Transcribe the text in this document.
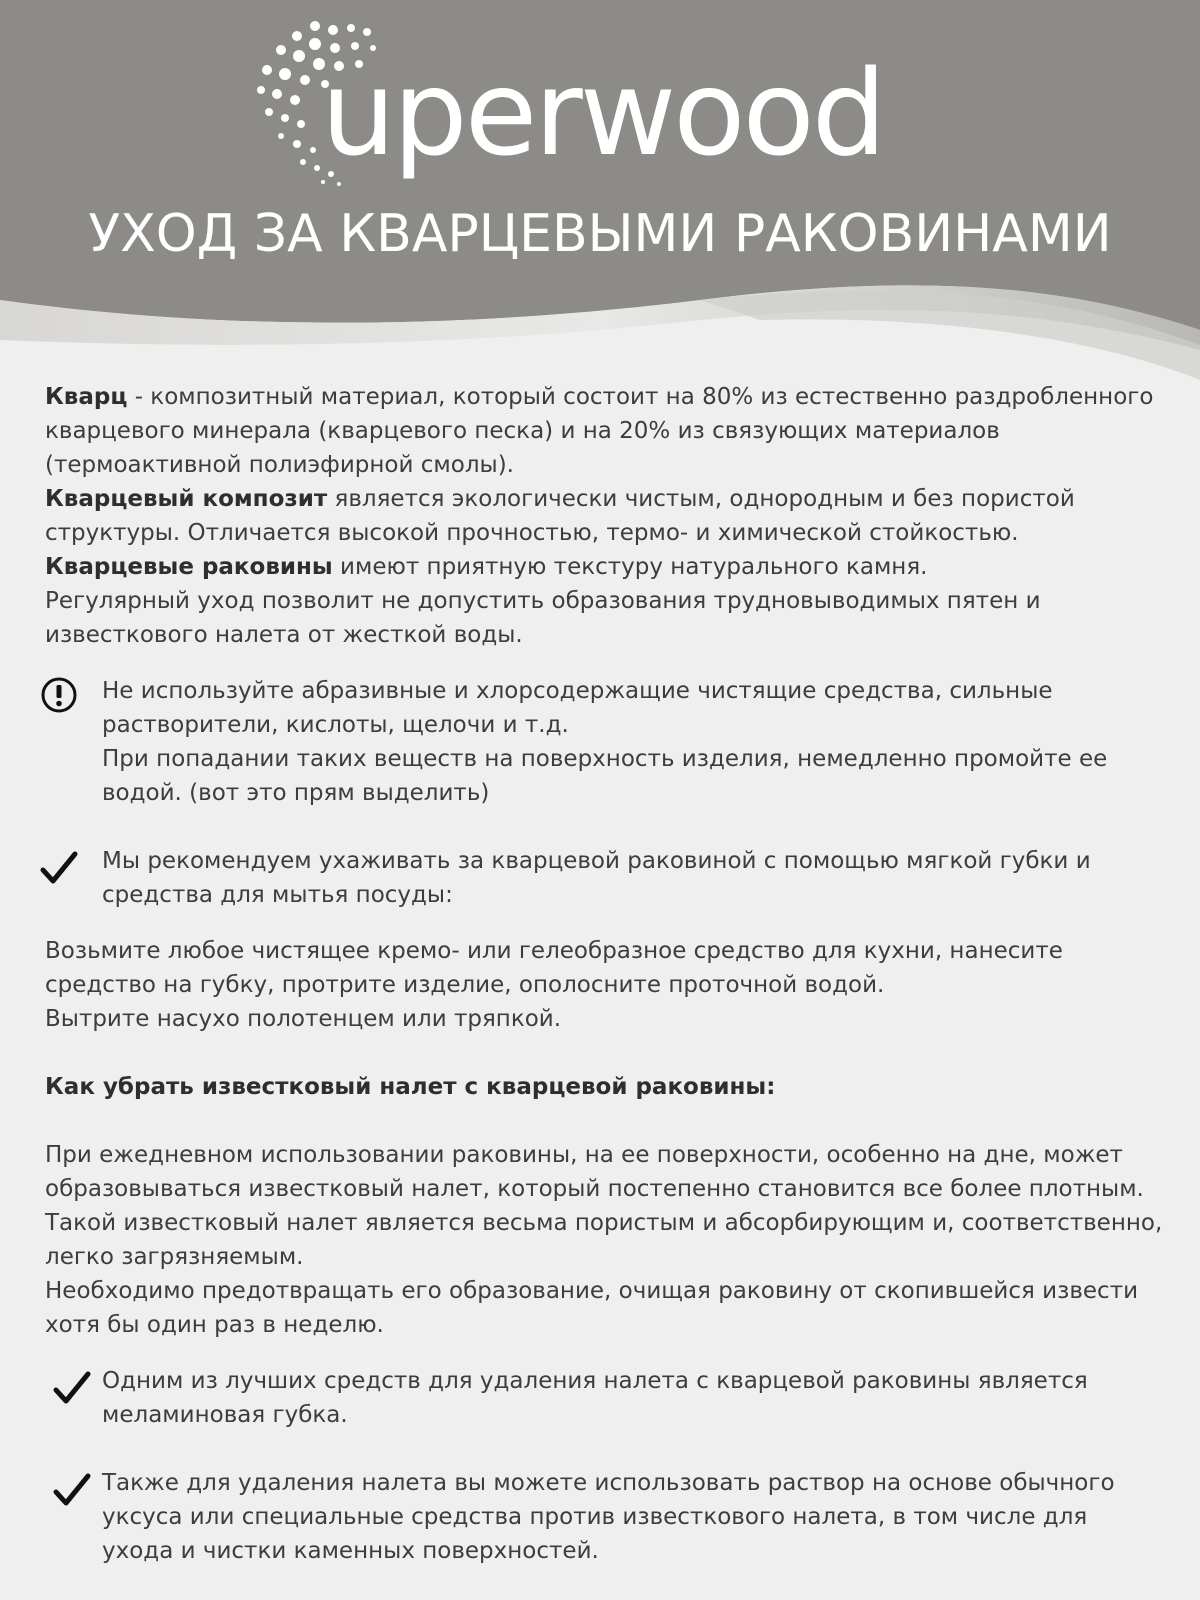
uperwood
УХОД ЗА КВАРЦЕВЫМИ РАКОВИНАМИ

Кварц - композитный материал, который состоит на 80% из естественно раздробленного кварцевого минерала (кварцевого песка) и на 20% из связующих материалов (термоактивной полиэфирной смолы).

Кварцевый композит является экологически чистым, однородным и без пористой структуры. Отличается высокой прочностью, термо- и химической стойкостью.

Кварцевые раковины имеют приятную текстуру натурального камня.

Регулярный уход позволит не допустить образования трудновыводимых пятен и известкового налета от жесткой воды.

Не используйте абразивные и хлорсодержащие чистящие средства, сильные растворители, кислоты, щелочи и т.д.

При попадании таких веществ на поверхность изделия, немедленно промойте ее водой. (вот это прям выделить)

Мы рекомендуем ухаживать за кварцевой раковиной с помощью мягкой губки и средства для мытья посуды:

Возьмите любое чистящее кремо- или гелеобразное средство для кухни, нанесите средство на губку, протрите изделие, ополосните проточной водой.

Вытрите насухо полотенцем или тряпкой.

Как убрать известковый налет с кварцевой раковины:

При ежедневном использовании раковины, на ее поверхности, особенно на дне, может образовываться известковый налет, который постепенно становится все более плотным. Такой известковый налет является весьма пористым и абсорбирующим и, соответственно, легко загрязняемым.

Необходимо предотвращать его образование, очищая раковину от скопившейся извести хотя бы один раз в неделю.

Одним из лучших средств для удаления налета с кварцевой раковины является меламиновая губка.

Также для удаления налета вы можете использовать раствор на основе обычного уксуса или специальные средства против известкового налета, в том числе для ухода и чистки каменных поверхностей.
